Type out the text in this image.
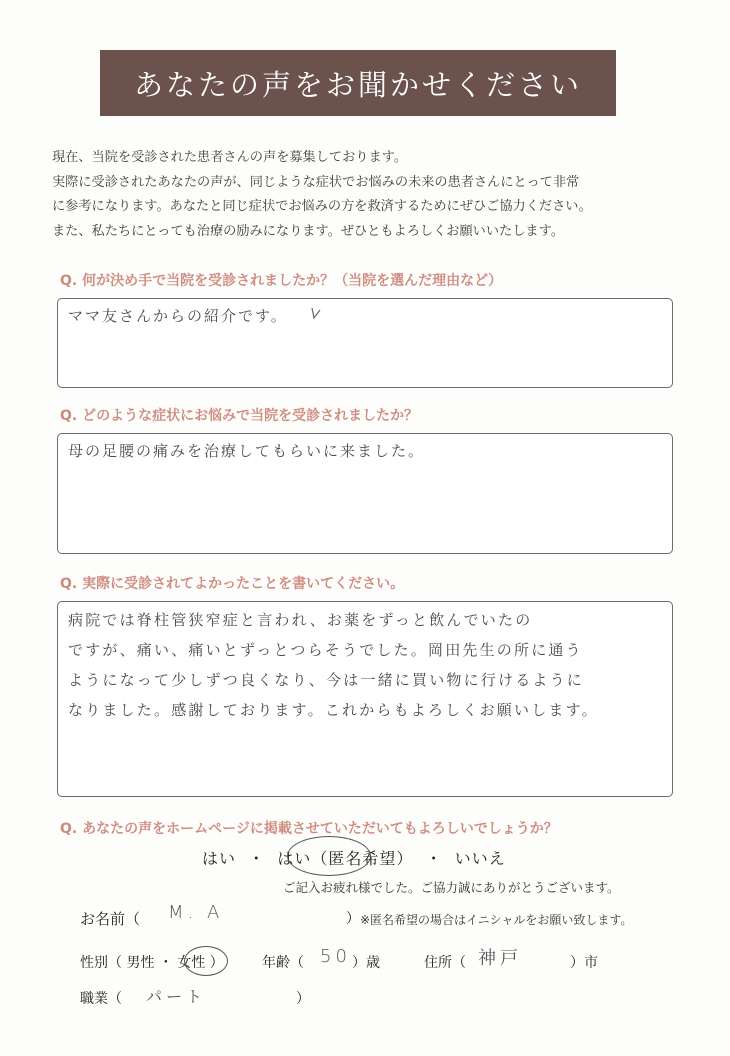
あなたの声をお聞かせください
現在、当院を受診された患者さんの声を募集しております。
実際に受診されたあなたの声が、同じような症状でお悩みの未来の患者さんにとって非常
に参考になります。あなたと同じ症状でお悩みの方を救済するためにぜひご協力ください。
また、私たちにとっても治療の励みになります。ぜひともよろしくお願いいたします。
Q. 何が決め手で当院を受診されましたか？（当院を選んだ理由など）
ママ友さんからの紹介です。
Q. どのような症状にお悩みで当院を受診されましたか？
母の足腰の痛みを治療してもらいに来ました。
Q. 実際に受診されてよかったことを書いてください。
病院では脊柱管狭窄症と言われ、お薬をずっと飲んでいたの
ですが、痛い、痛いとずっとつらそうでした。岡田先生の所に通う
ようになって少しずつ良くなり、今は一緒に買い物に行けるように
なりました。感謝しております。これからもよろしくお願いします。
Q. あなたの声をホームページに掲載させていただいてもよろしいでしょうか？
はい ・ はい（匿名希望） ・ いいえ
ご記入お疲れ様でした。ご協力誠にありがとうございます。
お名前（ M. A	） ※匿名希望の場合はイニシャルをお願い致します。
性別（ 男性 ・ 女性 ）	年齢（ 50 ）歳	住所（ 神戸	）市
職業（ パート	）
